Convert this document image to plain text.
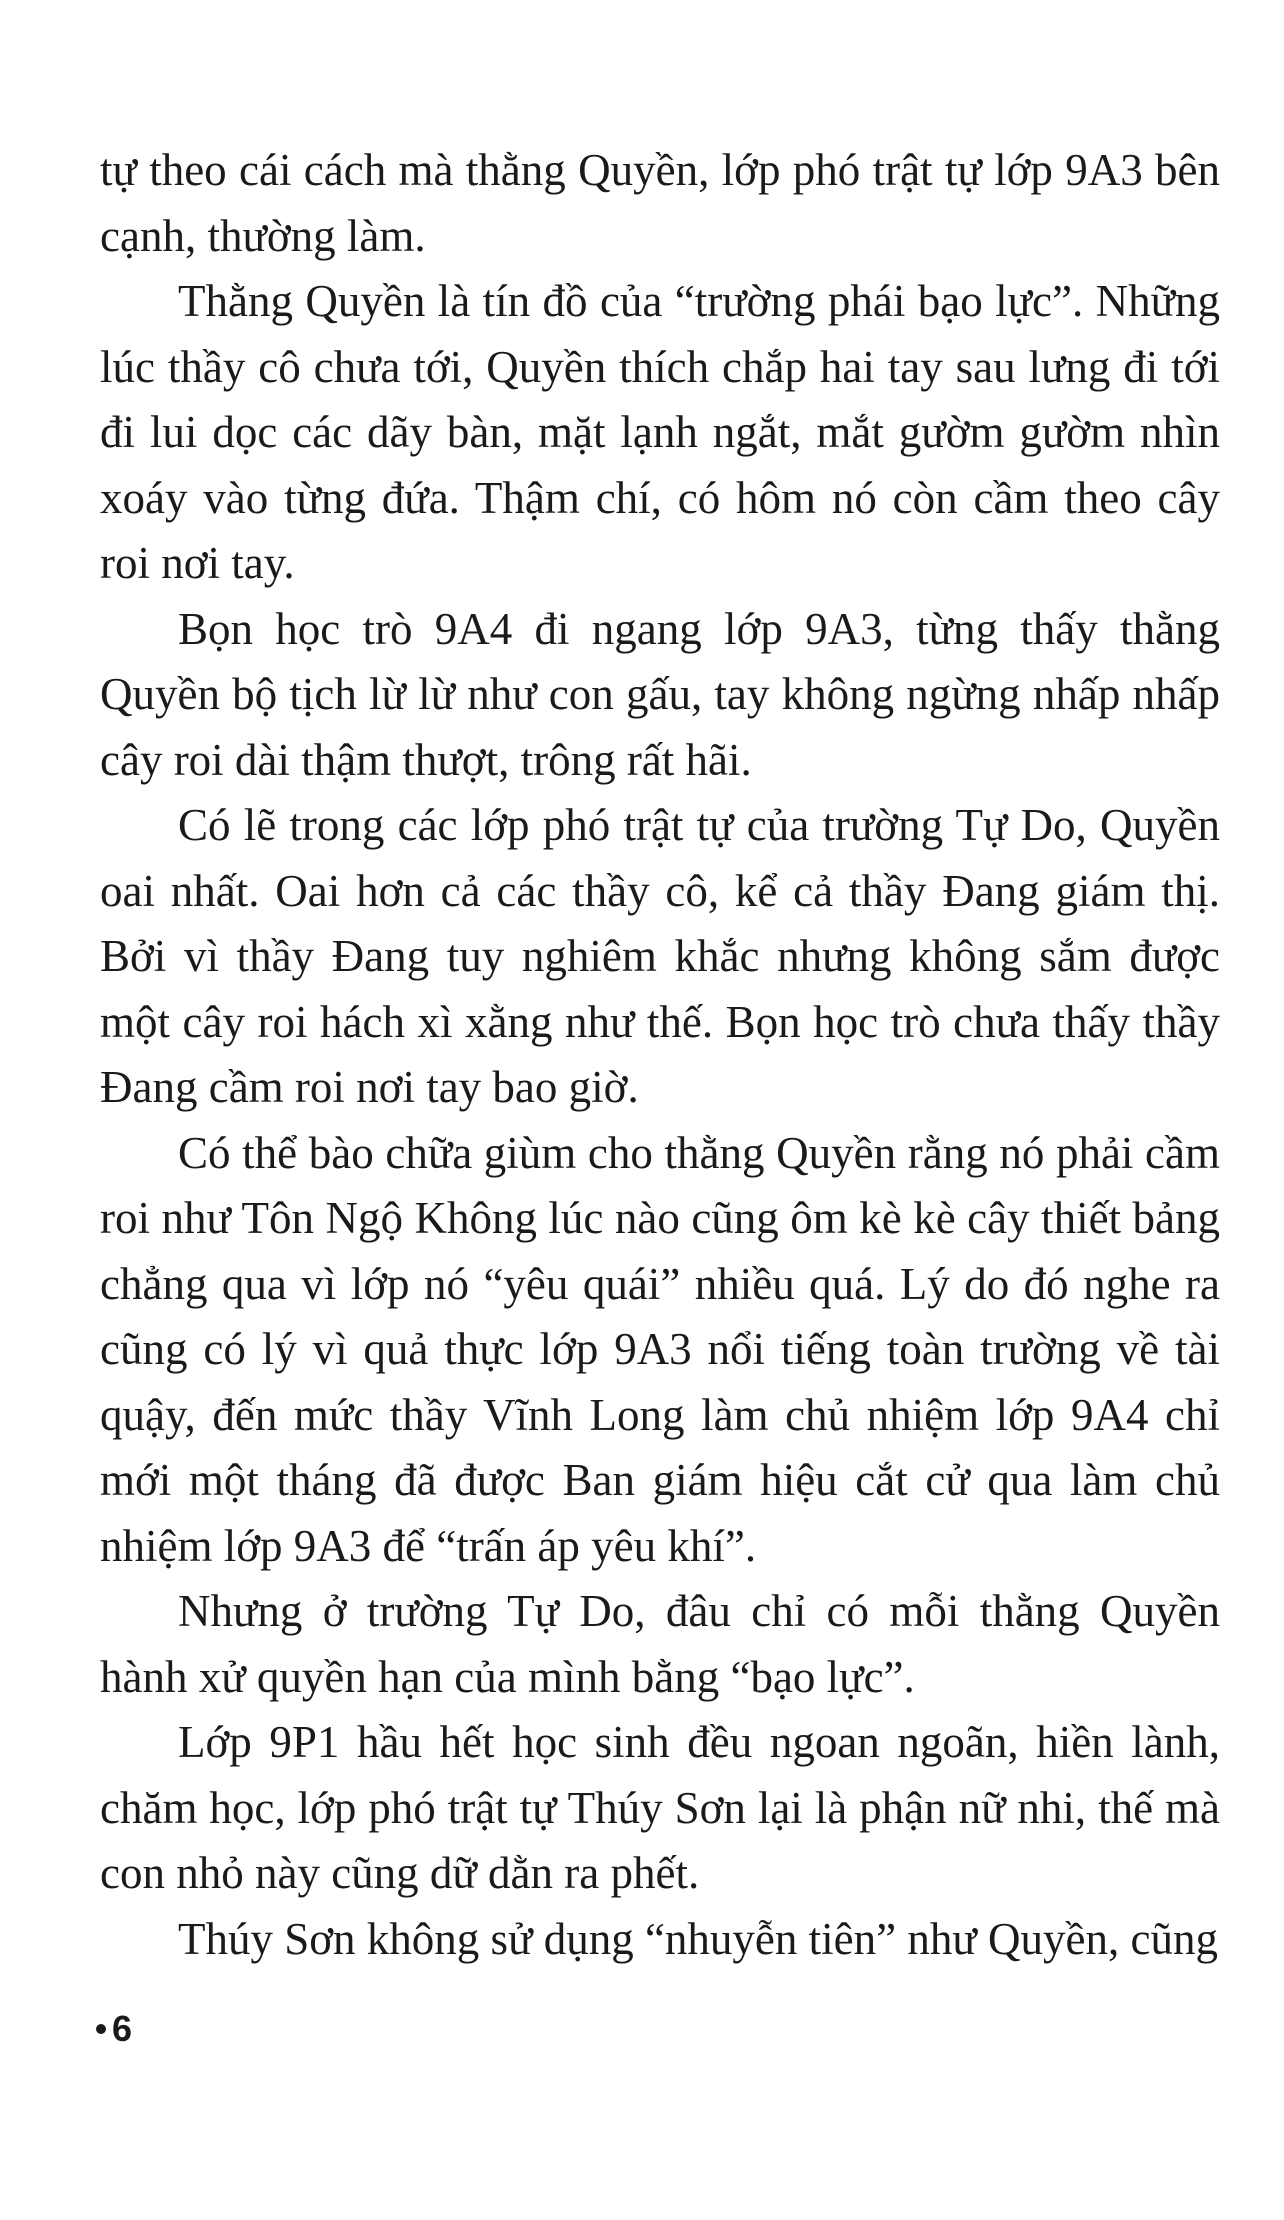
tự theo cái cách mà thằng Quyền, lớp phó trật tự lớp 9A3 bên cạnh, thường làm.

Thằng Quyền là tín đồ của “trường phái bạo lực”. Những lúc thầy cô chưa tới, Quyền thích chắp hai tay sau lưng đi tới đi lui dọc các dãy bàn, mặt lạnh ngắt, mắt gườm gườm nhìn xoáy vào từng đứa. Thậm chí, có hôm nó còn cầm theo cây roi nơi tay.

Bọn học trò 9A4 đi ngang lớp 9A3, từng thấy thằng Quyền bộ tịch lừ lừ như con gấu, tay không ngừng nhấp nhấp cây roi dài thậm thượt, trông rất hãi.

Có lẽ trong các lớp phó trật tự của trường Tự Do, Quyền oai nhất. Oai hơn cả các thầy cô, kể cả thầy Đang giám thị. Bởi vì thầy Đang tuy nghiêm khắc nhưng không sắm được một cây roi hách xì xằng như thế. Bọn học trò chưa thấy thầy Đang cầm roi nơi tay bao giờ.

Có thể bào chữa giùm cho thằng Quyền rằng nó phải cầm roi như Tôn Ngộ Không lúc nào cũng ôm kè kè cây thiết bảng chẳng qua vì lớp nó “yêu quái” nhiều quá. Lý do đó nghe ra cũng có lý vì quả thực lớp 9A3 nổi tiếng toàn trường về tài quậy, đến mức thầy Vĩnh Long làm chủ nhiệm lớp 9A4 chỉ mới một tháng đã được Ban giám hiệu cắt cử qua làm chủ nhiệm lớp 9A3 để “trấn áp yêu khí”.

Nhưng ở trường Tự Do, đâu chỉ có mỗi thằng Quyền hành xử quyền hạn của mình bằng “bạo lực”.

Lớp 9P1 hầu hết học sinh đều ngoan ngoãn, hiền lành, chăm học, lớp phó trật tự Thúy Sơn lại là phận nữ nhi, thế mà con nhỏ này cũng dữ dằn ra phết.

Thúy Sơn không sử dụng “nhuyễn tiên” như Quyền, cũng

6
